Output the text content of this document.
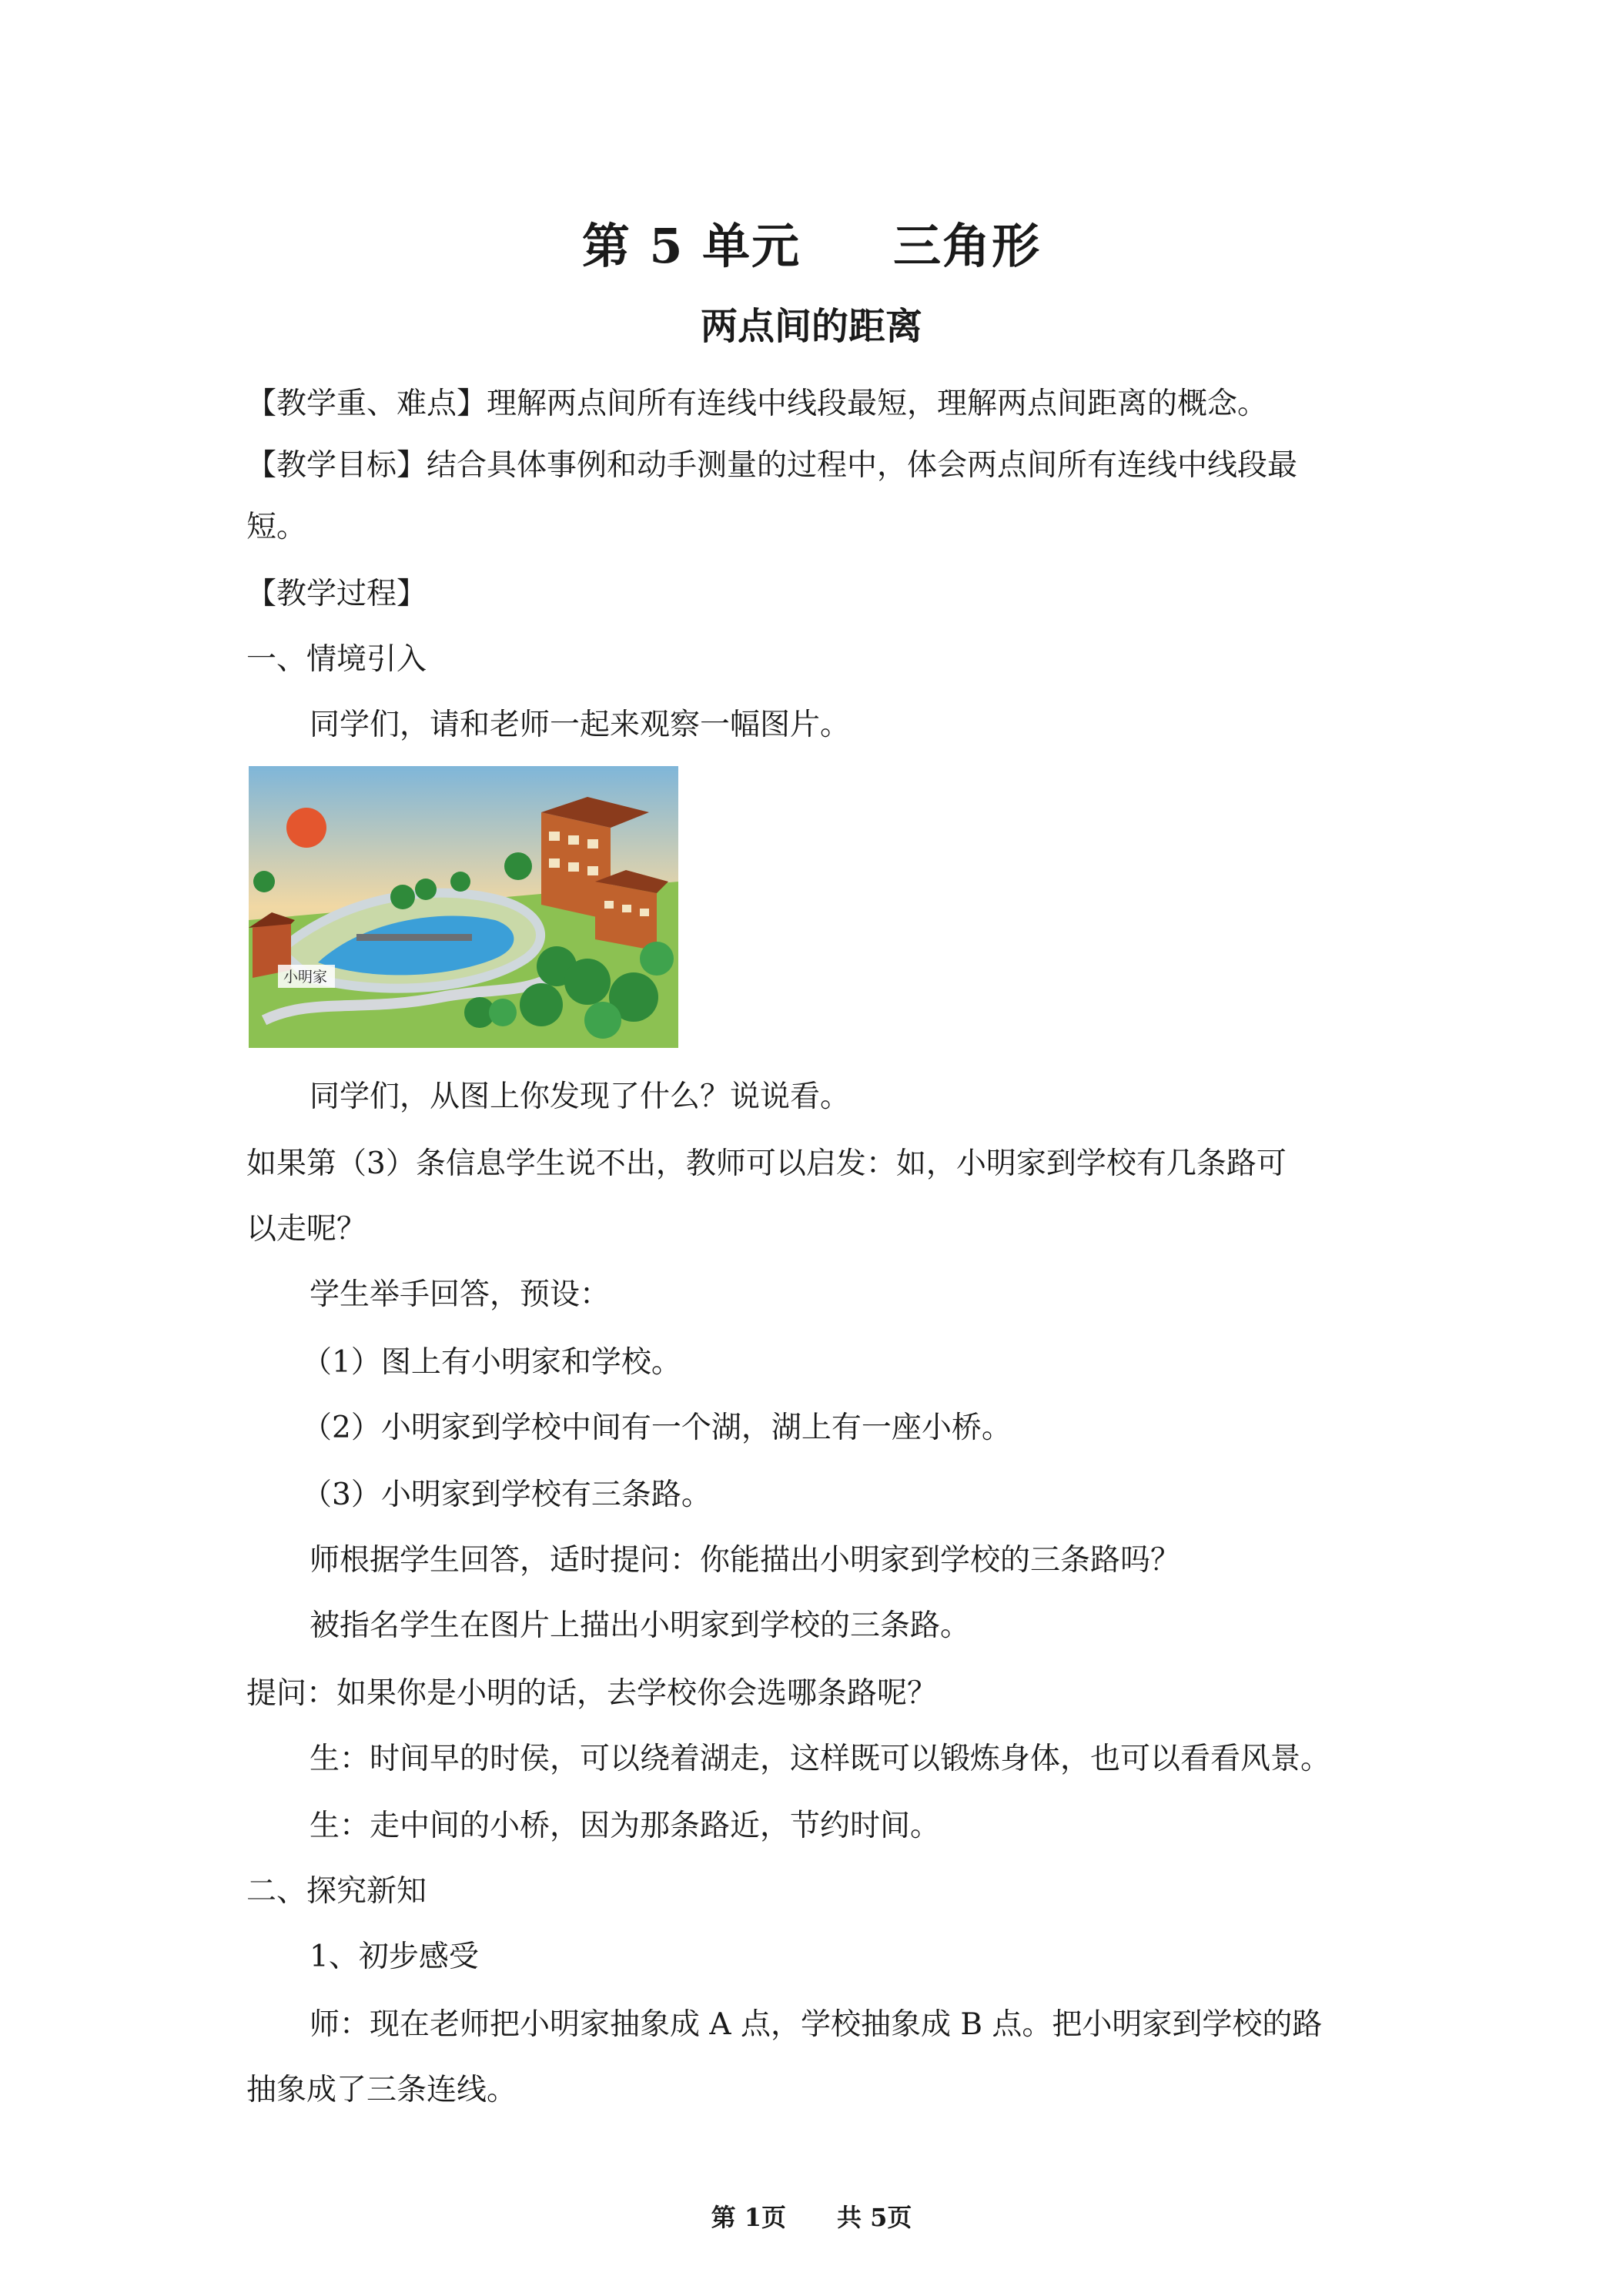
第 5 单元 三角形
两点间的距离
【教学重、难点】理解两点间所有连线中线段最短，理解两点间距离的概念。
【教学目标】结合具体事例和动手测量的过程中，体会两点间所有连线中线段最
短。
【教学过程】
一、情境引入
同学们，请和老师一起来观察一幅图片。
小明家
同学们，从图上你发现了什么？说说看。
如果第（3）条信息学生说不出，教师可以启发：如，小明家到学校有几条路可
以走呢？
学生举手回答，预设：
（1）图上有小明家和学校。
（2）小明家到学校中间有一个湖，湖上有一座小桥。
（3）小明家到学校有三条路。
师根据学生回答，适时提问：你能描出小明家到学校的三条路吗？
被指名学生在图片上描出小明家到学校的三条路。
提问：如果你是小明的话，去学校你会选哪条路呢？
生：时间早的时侯，可以绕着湖走，这样既可以锻炼身体，也可以看看风景。
生：走中间的小桥，因为那条路近，节约时间。
二、探究新知
1、初步感受
师：现在老师把小明家抽象成 A 点，学校抽象成 B 点。把小明家到学校的路
抽象成了三条连线。
第 1页 共 5页
